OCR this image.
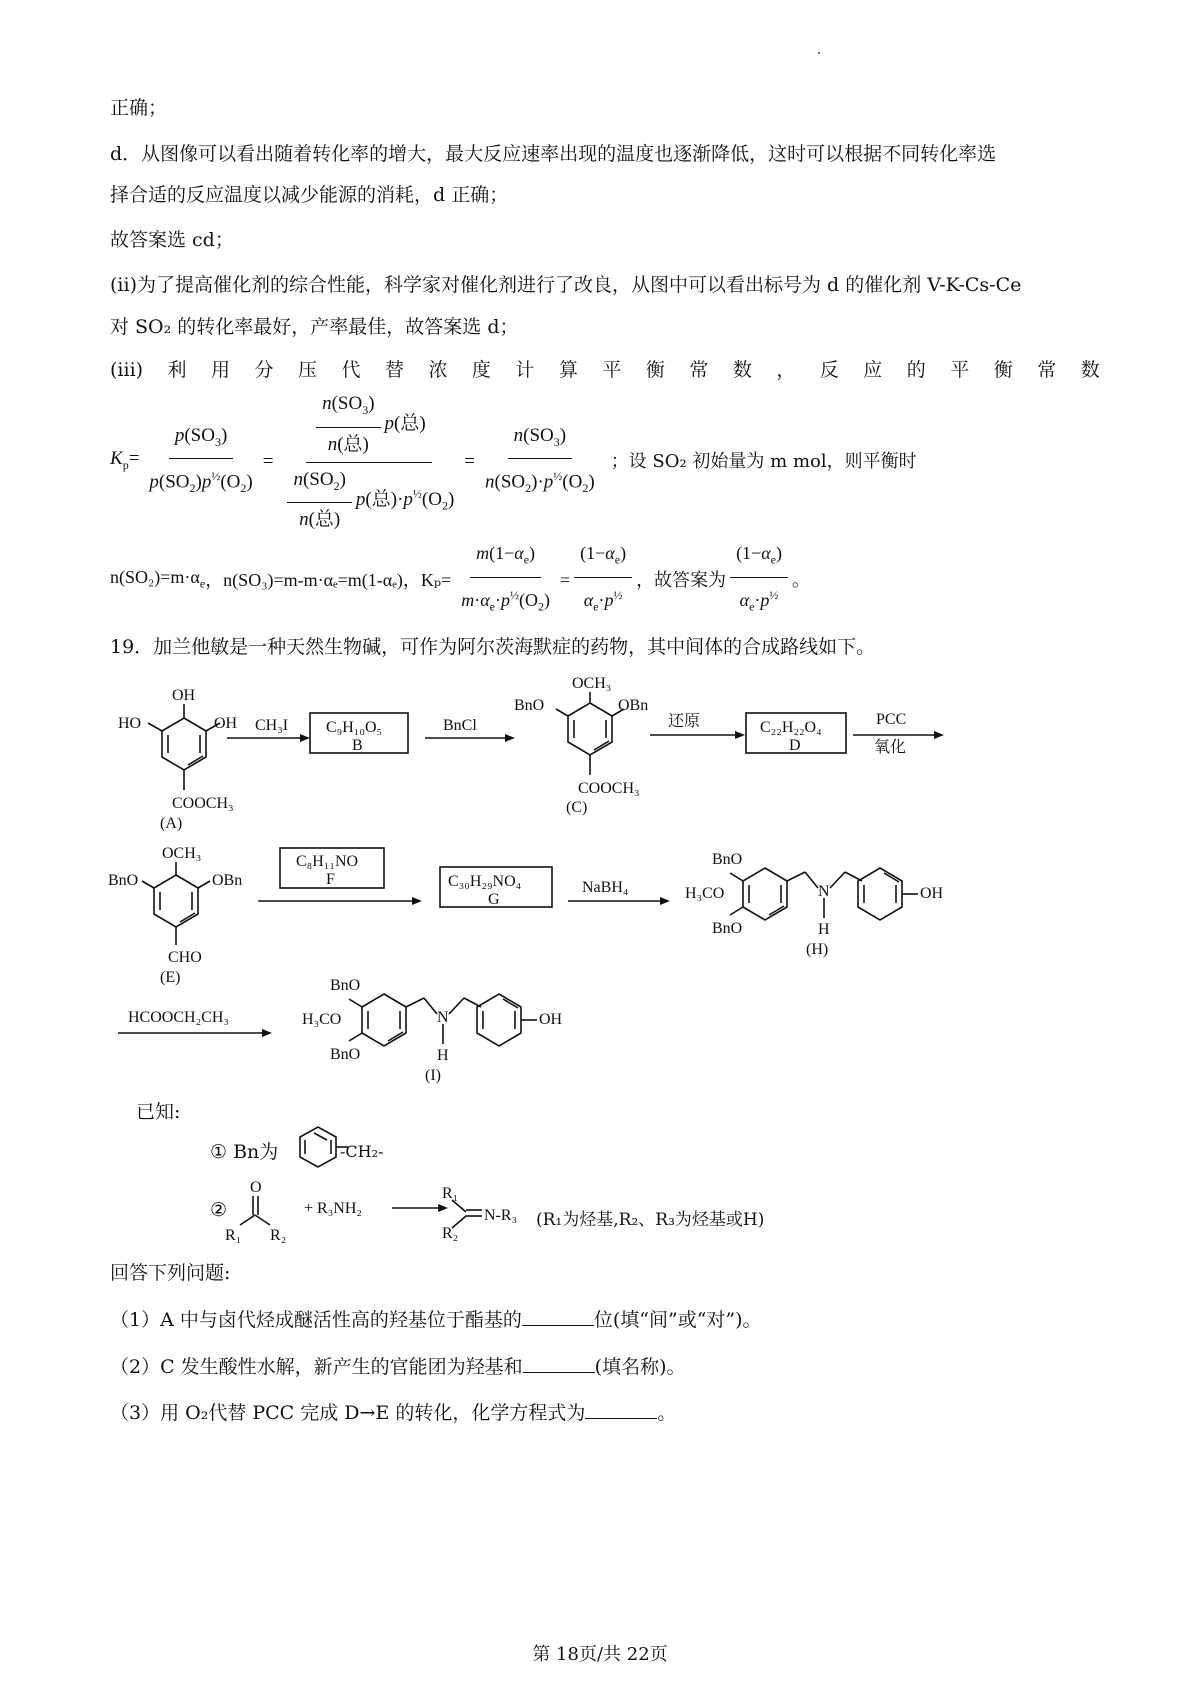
正确；
d．从图像可以看出随着转化率的增大，最大反应速率出现的温度也逐渐降低，这时可以根据不同转化率选
择合适的反应温度以减少能源的消耗，d 正确；
故答案选 cd；
(ii)为了提高催化剂的综合性能，科学家对催化剂进行了改良，从图中可以看出标号为 d 的催化剂 V-K-Cs-Ce
对 SO₂ 的转化率最好，产率最佳，故答案选 d；
(iii) 利 用 分 压 代 替 浓 度 计 算 平 衡 常 数 ， 反 应 的 平 衡 常 数
$K_p= \frac{p(SO_3)}{p(SO_2)p^{\frac{1}{2}}(O_2)} = \frac{\frac{n(SO_3)}{\text{n(总)}} p(总)}{\frac{n(SO_2)}{\text{n(总)}} p(总)\cdot p^{\frac{1}{2}}(O_2)} = \frac{n(SO_3)}{n(SO_2)\cdot p^{\frac{1}{2}}(O_2)}$ ；设 SO₂ 初始量为 m mol，则平衡时
$n(SO_2)=m\cdot\alpha_e$ ，n(SO₃)=m-m·αₑ=m(1-αₑ)，$K_p= \frac{m(1-\alpha_e)}{m\cdot\alpha_e\cdot p^{\frac{1}{2}}(O_2)} = \frac{(1-\alpha_e)}{\alpha_e\cdot p^{\frac{1}{2}}}$ ，故答案为 $\frac{(1-\alpha_e)}{\alpha_e\cdot p^{\frac{1}{2}}}$ 。
19．加兰他敏是一种天然生物碱，可作为阿尔茨海默症的药物，其中间体的合成路线如下。
OH
HO	OH
COOCH₃
(A)
CH₃I C₉H₁₀O₅
B
BnCl
OCH₃
BnO	OBn
COOCH₃
(C)
还原	C₂₂H₂₂O₄
D
PCC
氧化
OCH₃
BnO	OBn
CHO
(E)
C₈H₁₁NO
F	C₃₀H₂₉NO₄
G
NaBH₄
BnO
H₃CO
BnO
N
H
OH
(H)
HCOOCH₂CH₃
BnO
H₃CO
BnO
N
H
OH
(I)
O
R₁ R₂
+ R₃NH₂
R₁
R₂
N-R₃
已知:
① Bn为	-CH₂-
②	(R₁为烃基,R₂、R₃为烃基或H)
回答下列问题:
（1）A 中与卤代烃成醚活性高的羟基位于酯基的	位(填“间”或“对”)。
（2）C 发生酸性水解，新产生的官能团为羟基和	(填名称)。
（3）用 O₂代替 PCC 完成 D→E 的转化，化学方程式为	。
第 18页/共 22页
